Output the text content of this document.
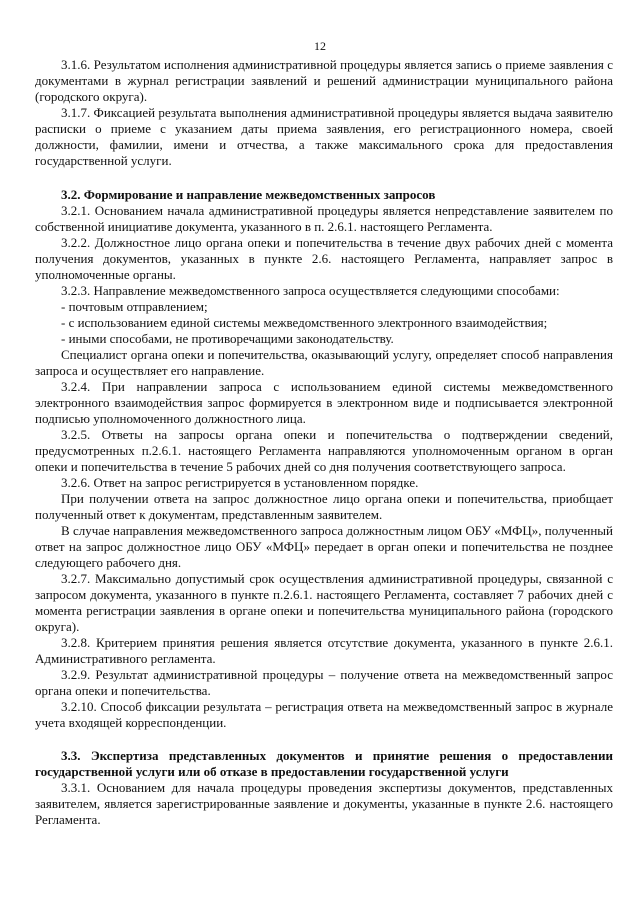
12

3.1.6. Результатом исполнения административной процедуры является запись о приеме заявления с документами в журнал регистрации заявлений и решений администрации муниципального района (городского округа).

3.1.7. Фиксацией результата выполнения административной процедуры является выдача заявителю расписки о приеме с указанием даты приема заявления, его регистрационного номера, своей должности, фамилии, имени и отчества, а также максимального срока для предоставления государственной услуги.

3.2. Формирование и направление межведомственных запросов

3.2.1. Основанием начала административной процедуры является непредставление заявителем по собственной инициативе документа, указанного в п. 2.6.1. настоящего Регламента.

3.2.2. Должностное лицо органа опеки и попечительства в течение двух рабочих дней с момента получения документов, указанных в пункте 2.6. настоящего Регламента, направляет запрос в уполномоченные органы.

3.2.3. Направление межведомственного запроса осуществляется следующими способами:

- почтовым отправлением;

- с использованием единой системы межведомственного электронного взаимодействия;

- иными способами, не противоречащими законодательству.

Специалист органа опеки и попечительства, оказывающий услугу, определяет способ направления запроса и осуществляет его направление.

3.2.4. При направлении запроса с использованием единой системы межведомственного электронного взаимодействия запрос формируется в электронном виде и подписывается электронной подписью уполномоченного должностного лица.

3.2.5. Ответы на запросы органа опеки и попечительства о подтверждении сведений, предусмотренных п.2.6.1. настоящего Регламента направляются уполномоченным органом в орган опеки и попечительства в течение 5 рабочих дней со дня получения соответствующего запроса.

3.2.6. Ответ на запрос регистрируется в установленном порядке.

При получении ответа на запрос должностное лицо органа опеки и попечительства, приобщает полученный ответ к документам, представленным заявителем.

В случае направления межведомственного запроса должностным лицом ОБУ «МФЦ», полученный ответ на запрос должностное лицо ОБУ «МФЦ» передает в орган опеки и попечительства не позднее следующего рабочего дня.

3.2.7. Максимально допустимый срок осуществления административной процедуры, связанной с запросом документа, указанного в пункте п.2.6.1. настоящего Регламента, составляет 7 рабочих дней с момента регистрации заявления в органе опеки и попечительства муниципального района (городского округа).

3.2.8. Критерием принятия решения является отсутствие документа, указанного в пункте 2.6.1. Административного регламента.

3.2.9. Результат административной процедуры – получение ответа на межведомственный запрос органа опеки и попечительства.

3.2.10. Способ фиксации результата – регистрация ответа на межведомственный запрос в журнале учета входящей корреспонденции.

3.3. Экспертиза представленных документов и принятие решения о предоставлении государственной услуги или об отказе в предоставлении государственной услуги

3.3.1. Основанием для начала процедуры проведения экспертизы документов, представленных заявителем, является зарегистрированные заявление и документы, указанные в пункте 2.6. настоящего Регламента.
